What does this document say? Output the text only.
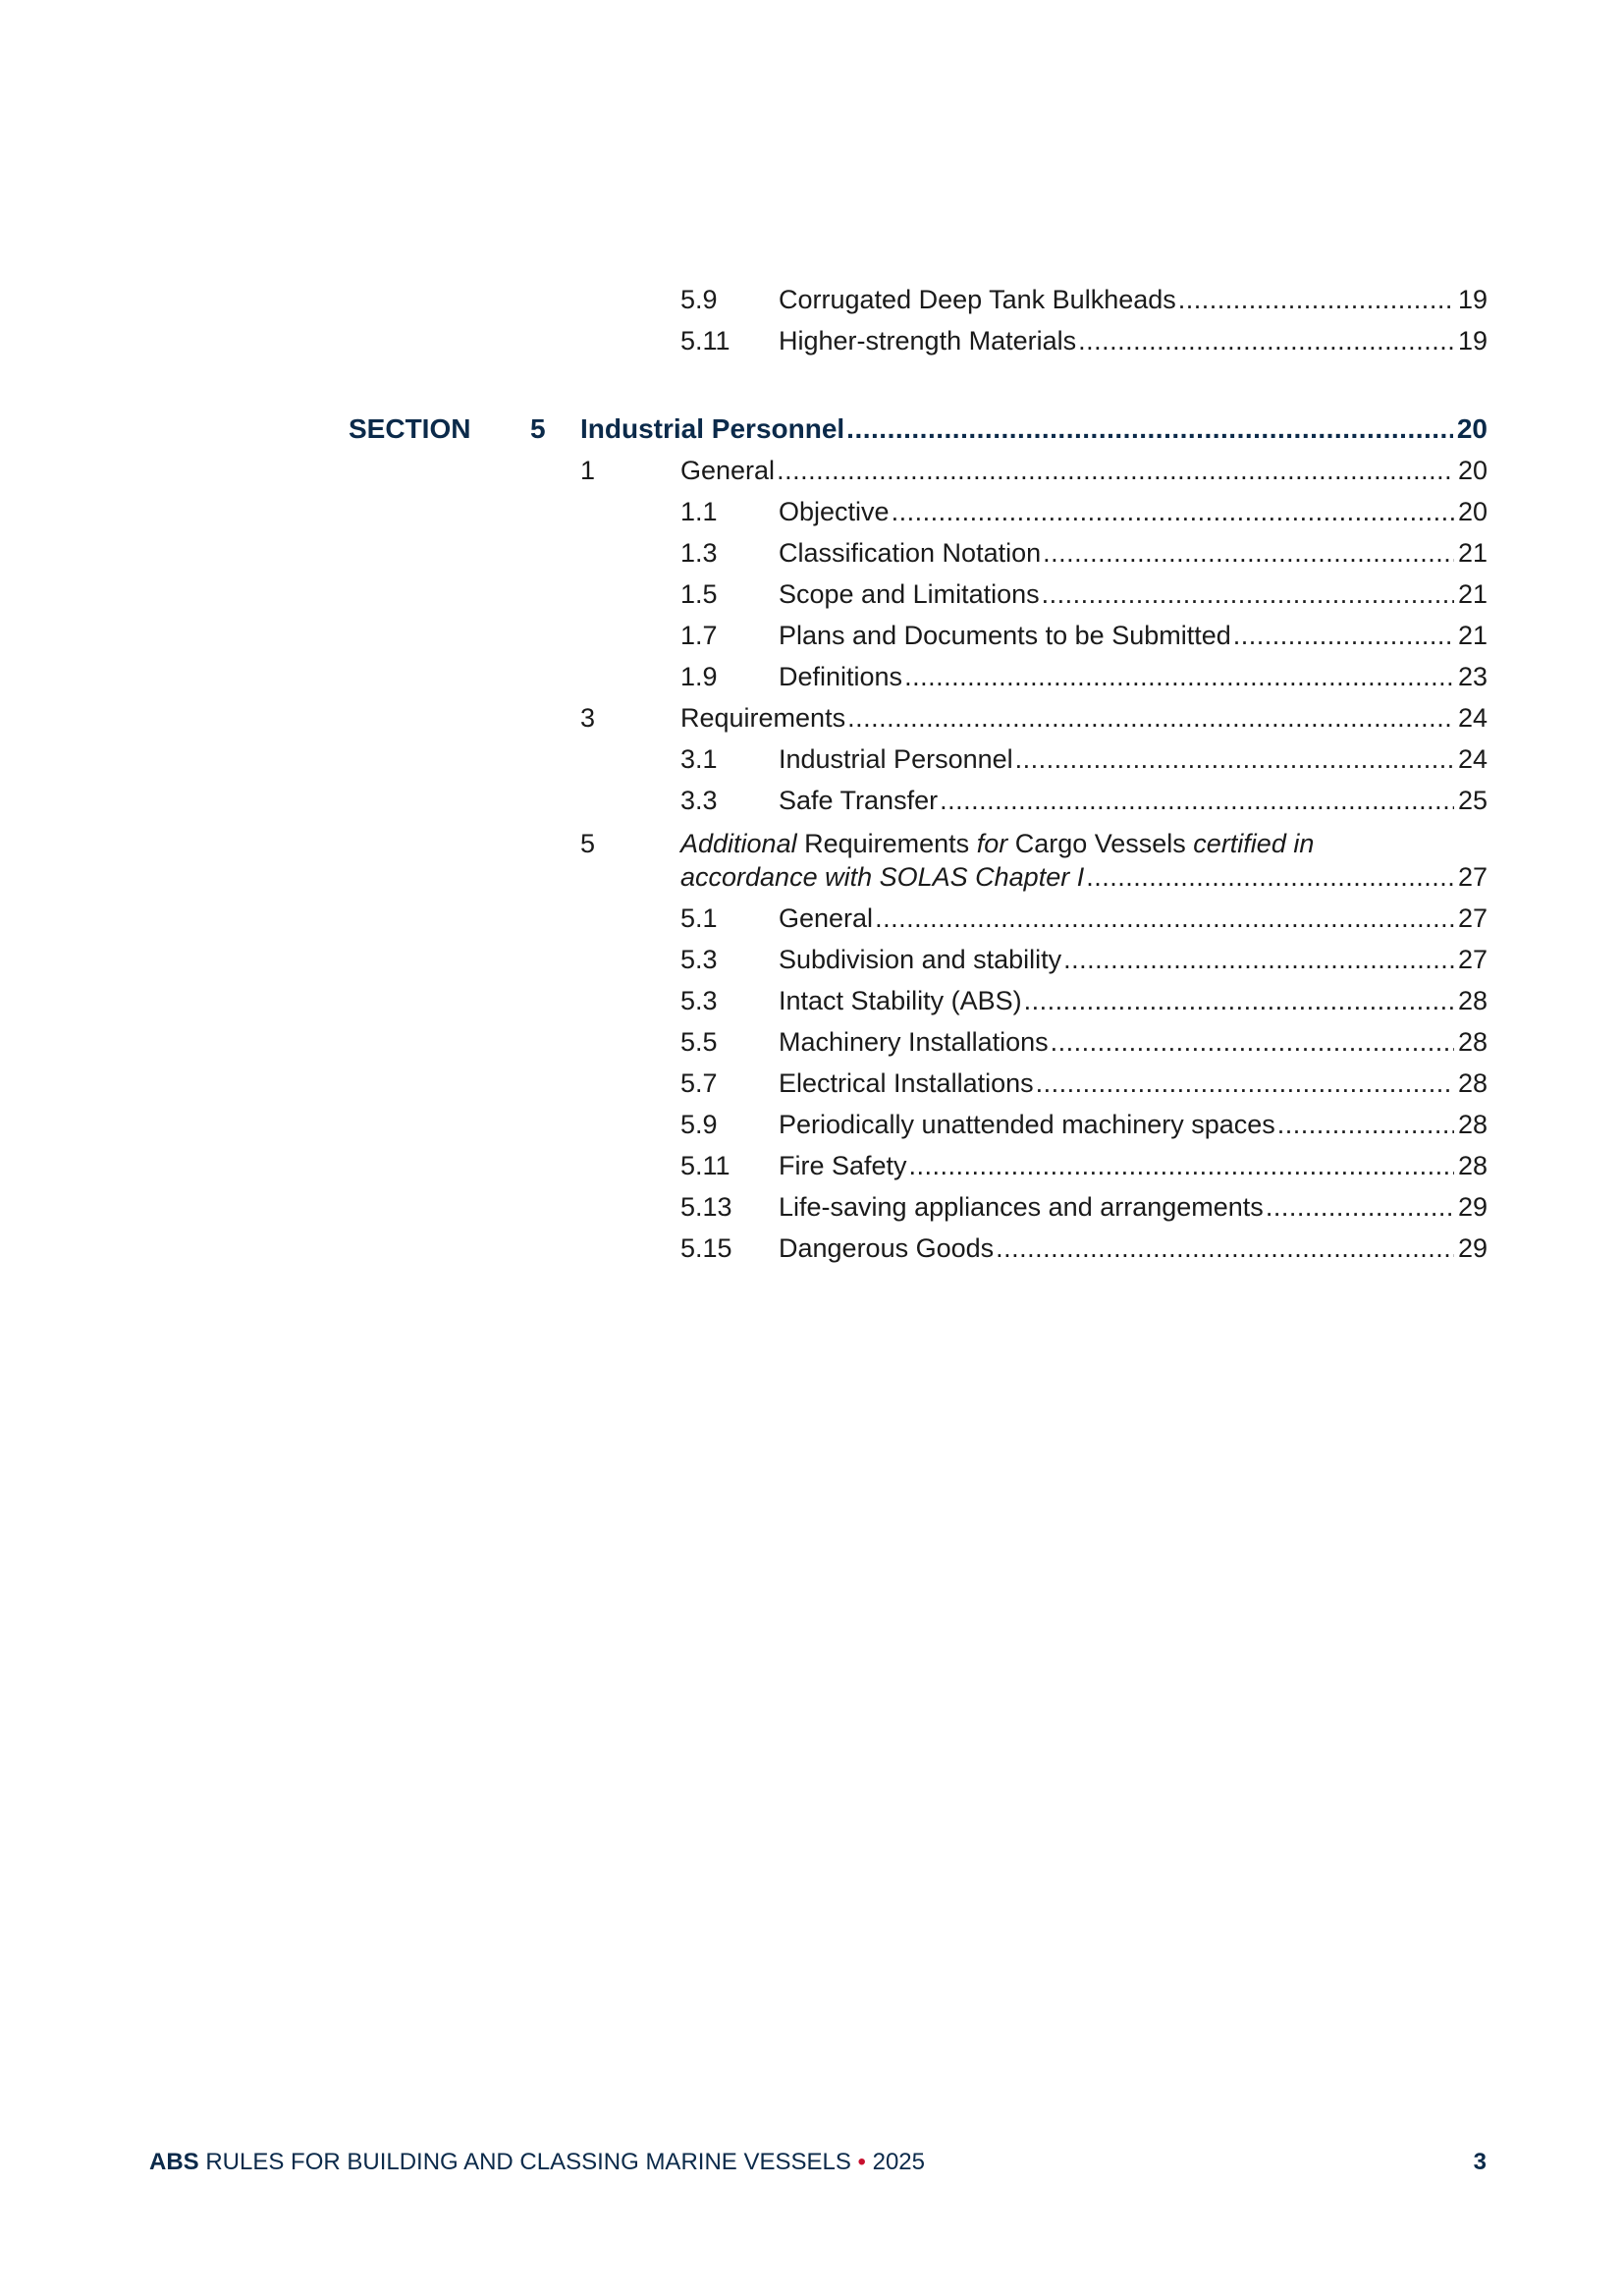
5.9 Corrugated Deep Tank Bulkheads .....	19
5.11 Higher-strength Materials .....	19
SECTION 5 Industrial Personnel .....	20
1	General .....	20
1.1 Objective .....	20
1.3 Classification Notation .....	21
1.5 Scope and Limitations .....	21
1.7 Plans and Documents to be Submitted .....	21
1.9 Definitions .....	23
3	Requirements .....	24
3.1 Industrial Personnel .....	24
3.3 Safe Transfer .....	25
5	Additional Requirements for Cargo Vessels certified in
accordance with SOLAS Chapter I .....	27
5.1 General .....	27
5.3 Subdivision and stability .....	27
5.3 Intact Stability (ABS) .....	28
5.5 Machinery Installations .....	28
5.7 Electrical Installations .....	28
5.9 Periodically unattended machinery spaces .....	28
5.11 Fire Safety .....	28
5.13 Life-saving appliances and arrangements .....	29
5.15 Dangerous Goods .....	29
ABS RULES FOR BUILDING AND CLASSING MARINE VESSELS • 2025	3
